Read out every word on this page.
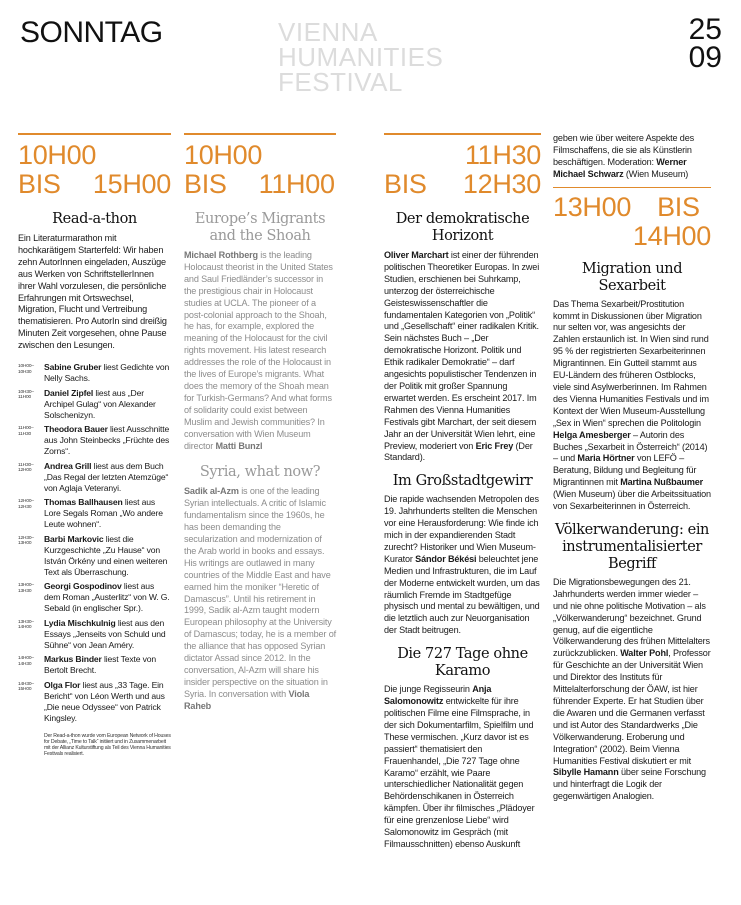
SONNTAG	VIENNA
HUMANITIES
FESTIVAL
25
09
10H00
BIS 15H00
Read-a-thon
Ein Literaturmarathon mit hochkarätigem Starterfeld: Wir haben zehn AutorInnen eingeladen, Auszüge aus Werken von SchriftstellerInnen ihrer Wahl vorzulesen, die persönliche Erfahrungen mit Ortswechsel, Migration, Flucht und Vertreibung thematisieren. Pro AutorIn sind dreißig Minuten Zeit vorgesehen, ohne Pause zwischen den Lesungen.
10H00–
10H30
Sabine Gruber liest Gedichte von Nelly Sachs.
10H30–
11H00
Daniel Zipfel liest aus „Der Archipel Gulag“ von Alexander Solschenizyn.
11H00–
11H30
Theodora Bauer liest Ausschnitte aus John Steinbecks „Früchte des Zorns“.
11H30–
12H00
Andrea Grill liest aus dem Buch „Das Regal der letzten Atemzüge“ von Aglaja Veteranyi.
12H00–
12H30
Thomas Ballhausen liest aus Lore Segals Roman „Wo andere Leute wohnen“.
12H30–
13H00
Barbi Markovic liest die Kurzgeschichte „Zu Hause“ von István Örkény und einen weiteren Text als Überraschung.
13H00–
13H30
Georgi Gospodinov liest aus dem Roman „Austerlitz“ von W. G. Sebald (in englischer Spr.).
13H30–
14H00
Lydia Mischkulnig liest aus den Essays „Jenseits von Schuld und Sühne“ von Jean Améry.
14H00–
14H30
Markus Binder liest Texte von Bertolt Brecht.
14H30–
15H00
Olga Flor liest aus „33 Tage. Ein Bericht“ von Léon Werth und aus „Die neue Odyssee“ von Patrick Kingsley.
Der Read-a-thon wurde vom European Network of Houses for Debate, „Time to Talk“ initiiert und in Zusammenarbeit mit der Allianz Kulturstiftung als Teil des Vienna Humanities Festivals realisiert.
10H00
BIS 11H00
Europe’s Migrants and the Shoah
Michael Rothberg is the leading Holocaust theorist in the United States and Saul Friedländer’s successor in the prestigious chair in Holocaust studies at UCLA. The pioneer of a post-colonial approach to the Shoah, he has, for example, explored the meaning of the Holocaust for the civil rights movement. His latest research addresses the role of the Holocaust in the lives of Europe’s migrants. What does the memory of the Shoah mean for Turkish-Germans? And what forms of solidarity could exist between Muslim and Jewish communities? In conversation with Wien Museum director Matti Bunzl
Syria, what now?
Sadik al-Azm is one of the leading Syrian intellectuals. A critic of Islamic fundamentalism since the 1960s, he has been demanding the secularization and modernization of the Arab world in books and essays. His writings are outlawed in many countries of the Middle East and have earned him the moniker “Heretic of Damascus”. Until his retirement in 1999, Sadik al-Azm taught modern European philosophy at the University of Damascus; today, he is a member of the alliance that has opposed Syrian dictator Assad since 2012. In the conversation, Al-Azm will share his insider perspective on the situation in Syria. In conversation with Viola Raheb
11H30
BIS 12H30
Der demokratische Horizont
Oliver Marchart ist einer der führenden politischen Theoretiker Europas. In zwei Studien, erschienen bei Suhrkamp, unterzog der österreichische Geisteswissenschaftler die fundamentalen Kategorien von „Politik“ und „Gesellschaft“ einer radikalen Kritik. Sein nächstes Buch – „Der demokratische Horizont. Politik und Ethik radikaler Demokratie“ – darf angesichts populistischer Tendenzen in der Politik mit großer Spannung erwartet werden. Es erscheint 2017. Im Rahmen des Vienna Humanities Festivals gibt Marchart, der seit diesem Jahr an der Universität Wien lehrt, eine Preview, moderiert von Eric Frey (Der Standard).
Im Großstadtgewirr
Die rapide wachsenden Metropolen des 19. Jahrhunderts stellten die Menschen vor eine Herausforderung: Wie finde ich mich in der expandierenden Stadt zurecht? Historiker und Wien Museum-Kurator Sándor Békési beleuchtet jene Medien und Infrastrukturen, die im Lauf der Moderne entwickelt wurden, um das räumlich Fremde im Stadtgefüge physisch und mental zu bewältigen, und die letztlich auch zur Neuorganisation der Stadt beitrugen.
Die 727 Tage ohne Karamo
Die junge Regisseurin Anja Salomonowitz entwickelte für ihre politischen Filme eine Filmsprache, in der sich Dokumentarfilm, Spielfilm und These vermischen. „Kurz davor ist es passiert“ thematisiert den Frauenhandel, „Die 727 Tage ohne Karamo“ erzählt, wie Paare unterschiedlicher Nationalität gegen Behördenschikanen in Österreich kämpfen. Über ihr filmisches „Plädoyer für eine grenzenlose Liebe“ wird Salomonowitz im Gespräch (mit Filmausschnitten) ebenso Auskunft
geben wie über weitere Aspekte des Filmschaffens, die sie als Künstlerin beschäftigen. Moderation: Werner Michael Schwarz (Wien Museum)
13H00 BIS
14H00
Migration und Sexarbeit
Das Thema Sexarbeit/Prostitution kommt in Diskussionen über Migration nur selten vor, was angesichts der Zahlen erstaunlich ist. In Wien sind rund 95 % der registrierten Sexarbeiterinnen Migrantinnen. Ein Gutteil stammt aus EU-Ländern des früheren Ostblocks, viele sind Asylwerberinnen. Im Rahmen des Vienna Humanities Festivals und im Kontext der Wien Museum-Ausstellung „Sex in Wien“ sprechen die Politologin Helga Amesberger – Autorin des Buches „Sexarbeit in Österreich“ (2014) – und Maria Hörtner von LEFÖ – Beratung, Bildung und Begleitung für Migrantinnen mit Martina Nußbaumer (Wien Museum) über die Arbeitssituation von Sexarbeiterinnen in Österreich.
Völkerwanderung: ein instrumentalisierter Begriff
Die Migrationsbewegungen des 21. Jahrhunderts werden immer wieder – und nie ohne politische Motivation – als „Völkerwanderung“ bezeichnet. Grund genug, auf die eigentliche Völkerwanderung des frühen Mittelalters zurückzublicken. Walter Pohl, Professor für Geschichte an der Universität Wien und Direktor des Instituts für Mittelalterforschung der ÖAW, ist hier führender Experte. Er hat Studien über die Awaren und die Germanen verfasst und ist Autor des Standardwerks „Die Völkerwanderung. Eroberung und Integration“ (2002). Beim Vienna Humanities Festival diskutiert er mit Sibylle Hamann über seine Forschung und hinterfragt die Logik der gegenwärtigen Analogien.
